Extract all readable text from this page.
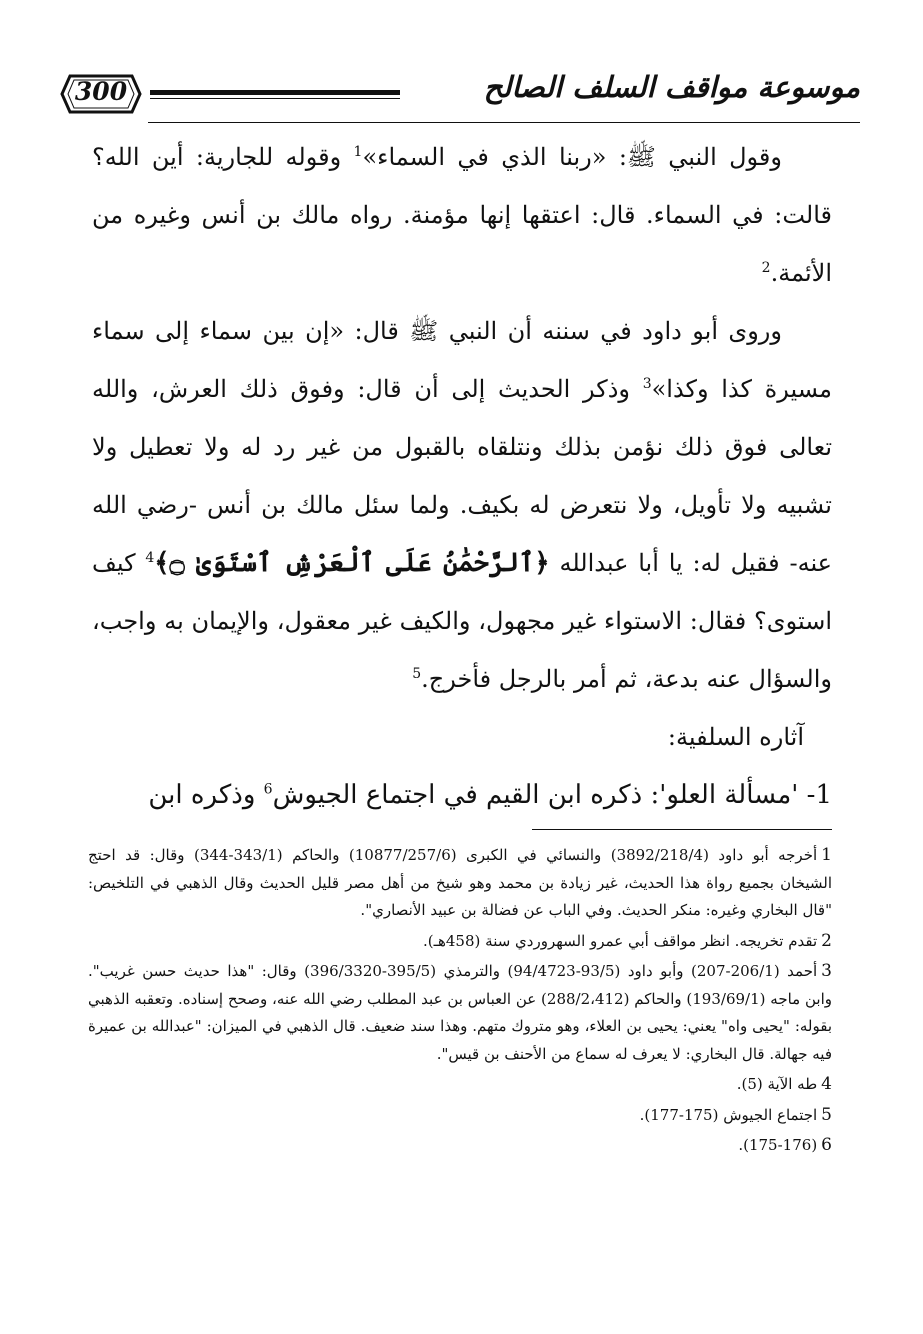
300	موسوعة مواقف السلف الصالح

وقول النبي ﷺ: «ربنا الذي في السماء»$^1$ وقوله للجارية: أين الله؟ قالت: في السماء. قال: اعتقها إنها مؤمنة. رواه مالك بن أنس وغيره من الأئمة.$^2$

وروى أبو داود في سننه أن النبي ﷺ قال: «إن بين سماء إلى سماء مسيرة كذا وكذا»$^3$ وذكر الحديث إلى أن قال: وفوق ذلك العرش، والله تعالى فوق ذلك نؤمن بذلك ونتلقاه بالقبول من غير رد له ولا تعطيل ولا تشبيه ولا تأويل، ولا نتعرض له بكيف. ولما سئل مالك بن أنس -رضي الله عنه- فقيل له: يا أبا عبدالله ﴿ٱلرَّحْمَٰنُ عَلَى ٱلْعَرْشِ ٱسْتَوَىٰ ۝﴾$^4$ كيف استوى؟ فقال: الاستواء غير مجهول، والكيف غير معقول، والإيمان به واجب، والسؤال عنه بدعة، ثم أمر بالرجل فأخرج.$^5$

آثاره السلفية:

1- 'مسألة العلو': ذكره ابن القيم في اجتماع الجيوش$^6$ وذكره ابن

1أخرجه أبو داود (3892/218/4) والنسائي في الكبرى (10877/257/6) والحاكم (343/1-344) وقال: قد احتج الشيخان بجميع رواة هذا الحديث، غير زيادة بن محمد وهو شيخ من أهل مصر قليل الحديث وقال الذهبي في التلخيص: "قال البخاري وغيره: منكر الحديث. وفي الباب عن فضالة بن عبيد الأنصاري".

2تقدم تخريجه. انظر مواقف أبي عمرو السهروردي سنة (458هـ).

3أحمد (206/1-207) وأبو داود (93/5-94/4723) والترمذي (395/5-396/3320) وقال: "هذا حديث حسن غريب". وابن ماجه (193/69/1) والحاكم (288/2،412) عن العباس بن عبد المطلب رضي الله عنه، وصحح إسناده. وتعقبه الذهبي بقوله: "يحيى واه" يعني: يحيى بن العلاء، وهو متروك متهم. وهذا سند ضعيف. قال الذهبي في الميزان: "عبدالله بن عميرة فيه جهالة. قال البخاري: لا يعرف له سماع من الأحنف بن قيس".

4طه الآية (5).

5اجتماع الجيوش (175-177).

6(175-176).
